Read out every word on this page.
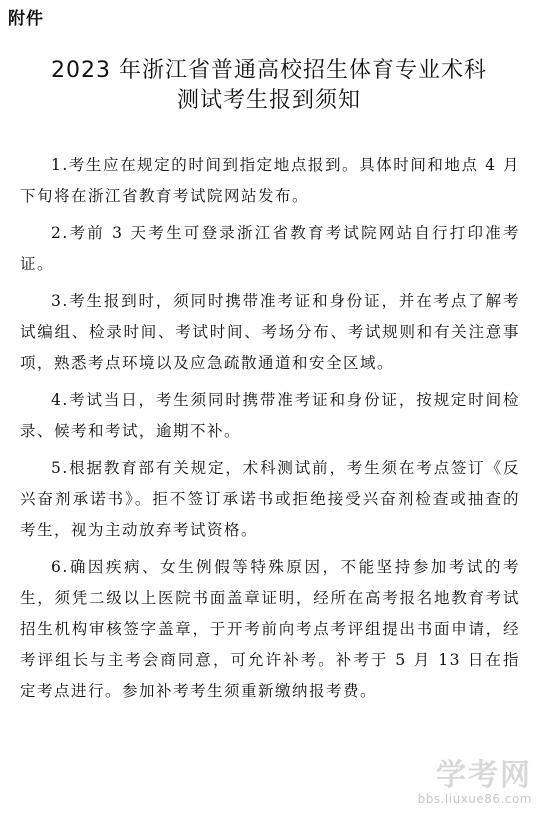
附件
2023 年浙江省普通高校招生体育专业术科
测试考生报到须知

1.考生应在规定的时间到指定地点报到。具体时间和地点 4 月下旬将在浙江省教育考试院网站发布。

2.考前 3 天考生可登录浙江省教育考试院网站自行打印准考证。

3.考生报到时，须同时携带准考证和身份证，并在考点了解考试编组、检录时间、考试时间、考场分布、考试规则和有关注意事项，熟悉考点环境以及应急疏散通道和安全区域。

4.考试当日，考生须同时携带准考证和身份证，按规定时间检录、候考和考试，逾期不补。

5.根据教育部有关规定，术科测试前，考生须在考点签订《反兴奋剂承诺书》。拒不签订承诺书或拒绝接受兴奋剂检查或抽查的考生，视为主动放弃考试资格。

6.确因疾病、女生例假等特殊原因，不能坚持参加考试的考生，须凭二级以上医院书面盖章证明，经所在高考报名地教育考试招生机构审核签字盖章，于开考前向考点考评组提出书面申请，经考评组长与主考会商同意，可允许补考。补考于 5 月 13 日在指定考点进行。参加补考考生须重新缴纳报考费。

学考网
bbs.liuxue86.com
